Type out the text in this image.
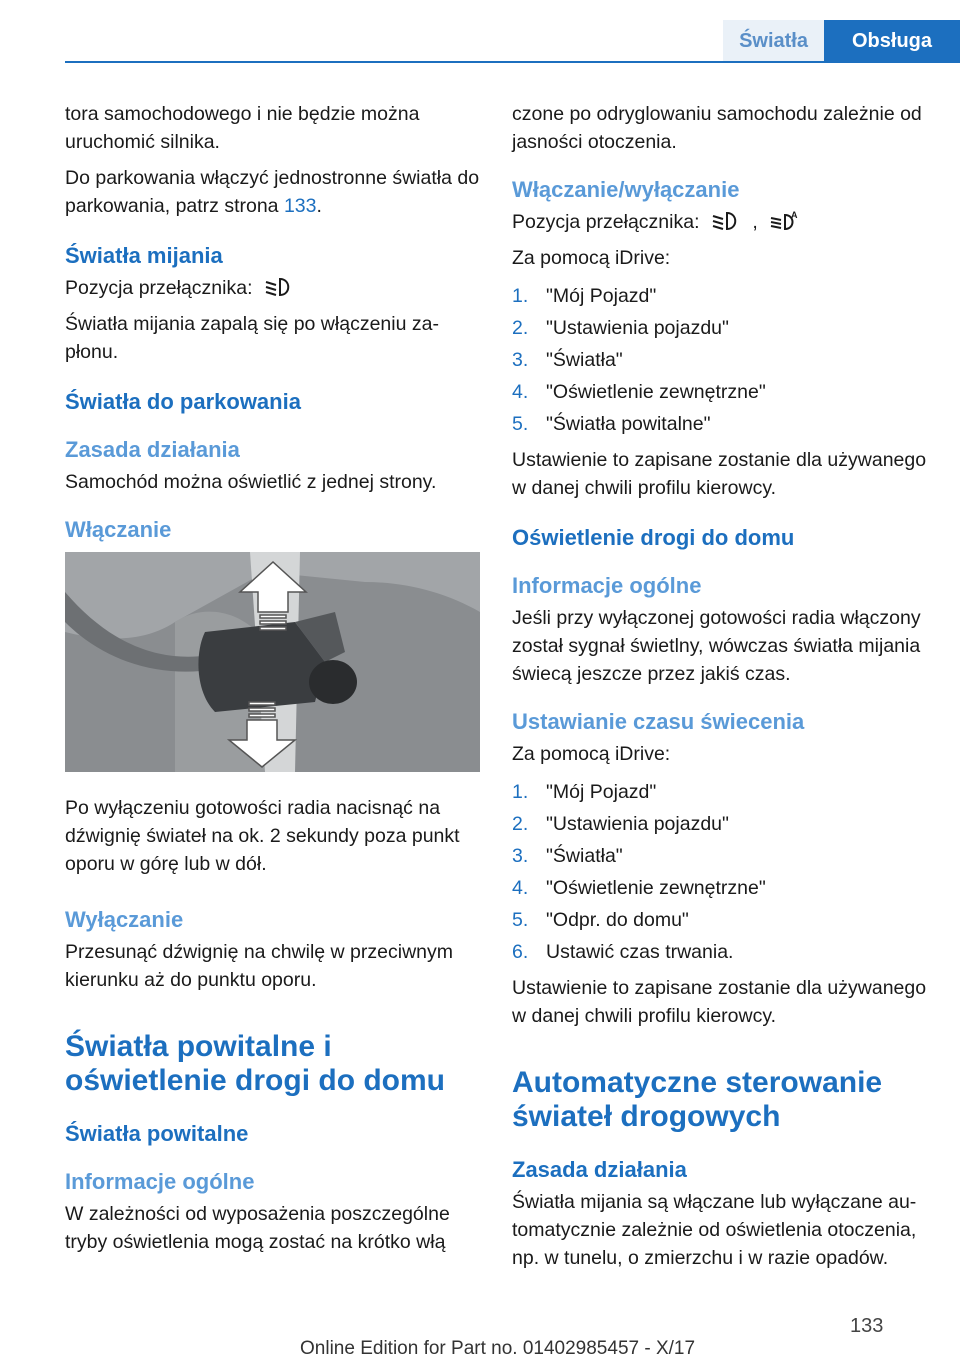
Światła	Obsługa

tora samochodowego i nie będzie można uruchomić silnika.

Do parkowania włączyć jednostronne światła do parkowania, patrz strona 133.

Światła mijania

Pozycja przełącznika:

Światła mijania zapalą się po włączeniu zapłonu.

Światła do parkowania
Zasada działania

Samochód można oświetlić z jednej strony.

Włączanie

Po wyłączeniu gotowości radia nacisnąć na dźwignię świateł na ok. 2 sekundy poza punkt oporu w górę lub w dół.

Wyłączanie

Przesunąć dźwignię na chwilę w przeciwnym kierunku aż do punktu oporu.

Światła powitalne i oświetlenie drogi do domu
Światła powitalne
Informacje ogólne

W zależności od wyposażenia poszczególne tryby oświetlenia mogą zostać na krótko włą

czone po odryglowaniu samochodu zależnie od jasności otoczenia.

Włączanie/wyłączanie

Pozycja przełącznika:	,	A

Za pomocą iDrive:

1. "Mój Pojazd"
2. "Ustawienia pojazdu"
3. "Światła"
4. "Oświetlenie zewnętrzne"
5. "Światła powitalne"

Ustawienie to zapisane zostanie dla używanego w danej chwili profilu kierowcy.

Oświetlenie drogi do domu
Informacje ogólne

Jeśli przy wyłączonej gotowości radia włączony został sygnał świetlny, wówczas światła mijania świecą jeszcze przez jakiś czas.

Ustawianie czasu świecenia

Za pomocą iDrive:

1. "Mój Pojazd"
2. "Ustawienia pojazdu"
3. "Światła"
4. "Oświetlenie zewnętrzne"
5. "Odpr. do domu"
6. Ustawić czas trwania.

Ustawienie to zapisane zostanie dla używanego w danej chwili profilu kierowcy.

Automatyczne sterowanie świateł drogowych
Zasada działania

Światła mijania są włączane lub wyłączane automatycznie zależnie od oświetlenia otoczenia, np. w tunelu, o zmierzchu i w razie opadów.

133
Online Edition for Part no. 01402985457 - X/17
